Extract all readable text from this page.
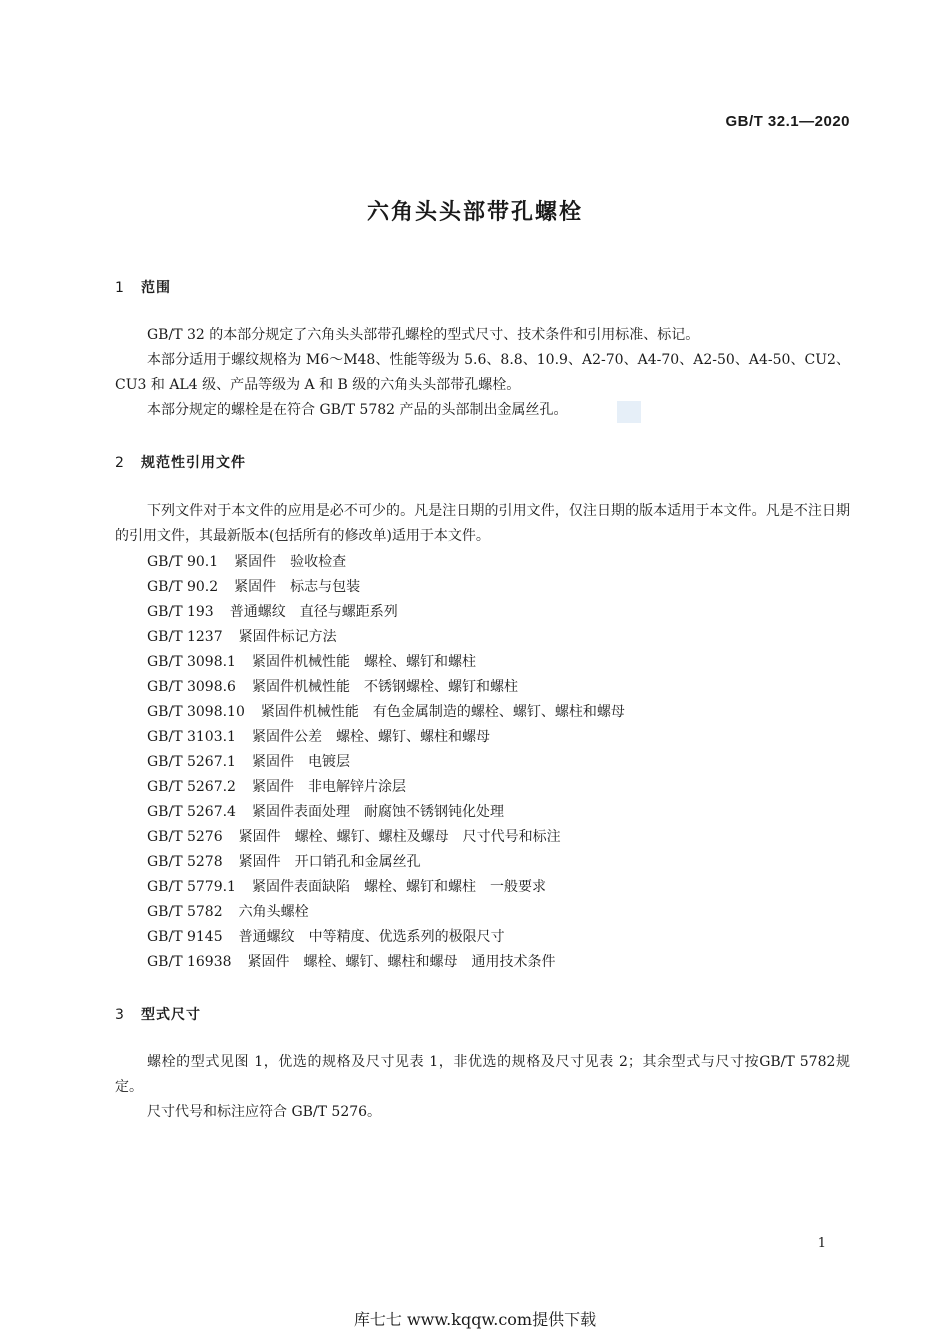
GB/T 32.1—2020
六角头头部带孔螺栓
1 范围
GB/T 32 的本部分规定了六角头头部带孔螺栓的型式尺寸、技术条件和引用标准、标记。
本部分适用于螺纹规格为 M6～M48、性能等级为 5.6、8.8、10.9、A2-70、A4-70、A2-50、A4-50、CU2、CU3 和 AL4 级、产品等级为 A 和 B 级的六角头头部带孔螺栓。
本部分规定的螺栓是在符合 GB/T 5782 产品的头部制出金属丝孔。
2 规范性引用文件
下列文件对于本文件的应用是必不可少的。凡是注日期的引用文件，仅注日期的版本适用于本文件。凡是不注日期的引用文件，其最新版本(包括所有的修改单)适用于本文件。
GB/T 90.1 紧固件　验收检查
GB/T 90.2 紧固件　标志与包装
GB/T 193 普通螺纹　直径与螺距系列
GB/T 1237 紧固件标记方法
GB/T 3098.1 紧固件机械性能　螺栓、螺钉和螺柱
GB/T 3098.6 紧固件机械性能　不锈钢螺栓、螺钉和螺柱
GB/T 3098.10 紧固件机械性能　有色金属制造的螺栓、螺钉、螺柱和螺母
GB/T 3103.1 紧固件公差　螺栓、螺钉、螺柱和螺母
GB/T 5267.1 紧固件　电镀层
GB/T 5267.2 紧固件　非电解锌片涂层
GB/T 5267.4 紧固件表面处理　耐腐蚀不锈钢钝化处理
GB/T 5276 紧固件　螺栓、螺钉、螺柱及螺母　尺寸代号和标注
GB/T 5278 紧固件　开口销孔和金属丝孔
GB/T 5779.1 紧固件表面缺陷　螺栓、螺钉和螺柱　一般要求
GB/T 5782 六角头螺栓
GB/T 9145 普通螺纹　中等精度、优选系列的极限尺寸
GB/T 16938 紧固件　螺栓、螺钉、螺柱和螺母　通用技术条件
3 型式尺寸
螺栓的型式见图 1，优选的规格及尺寸见表 1，非优选的规格及尺寸见表 2；其余型式与尺寸按GB/T 5782规定。
尺寸代号和标注应符合 GB/T 5276。
1
库七七 www.kqqw.com提供下载
